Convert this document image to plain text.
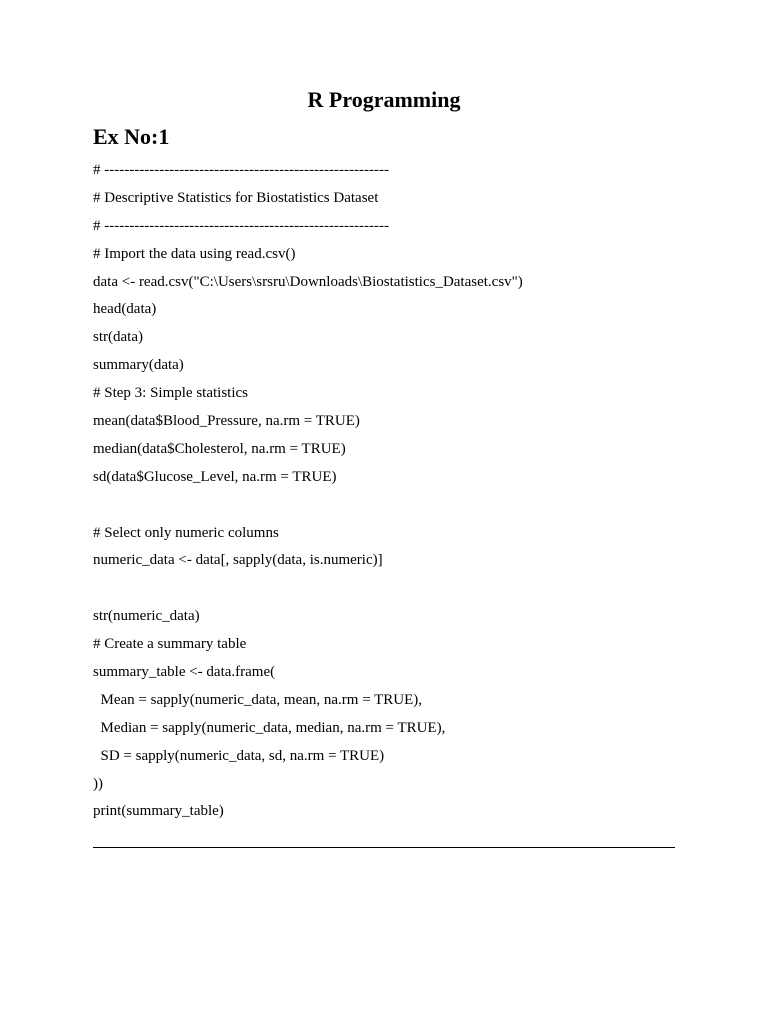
R Programming
Ex No:1
# ---------------------------------------------------------
# Descriptive Statistics for Biostatistics Dataset
# ---------------------------------------------------------
# Import the data using read.csv()
data <- read.csv("C:\Users\srsru\Downloads\Biostatistics_Dataset.csv")
head(data)
str(data)
summary(data)
# Step 3: Simple statistics
mean(data$Blood_Pressure, na.rm = TRUE)
median(data$Cholesterol, na.rm = TRUE)
sd(data$Glucose_Level, na.rm = TRUE)
# Select only numeric columns
numeric_data <- data[, sapply(data, is.numeric)]
str(numeric_data)
# Create a summary table
summary_table <- data.frame(
Mean = sapply(numeric_data, mean, na.rm = TRUE),
Median = sapply(numeric_data, median, na.rm = TRUE),
SD = sapply(numeric_data, sd, na.rm = TRUE)
))
print(summary_table)
